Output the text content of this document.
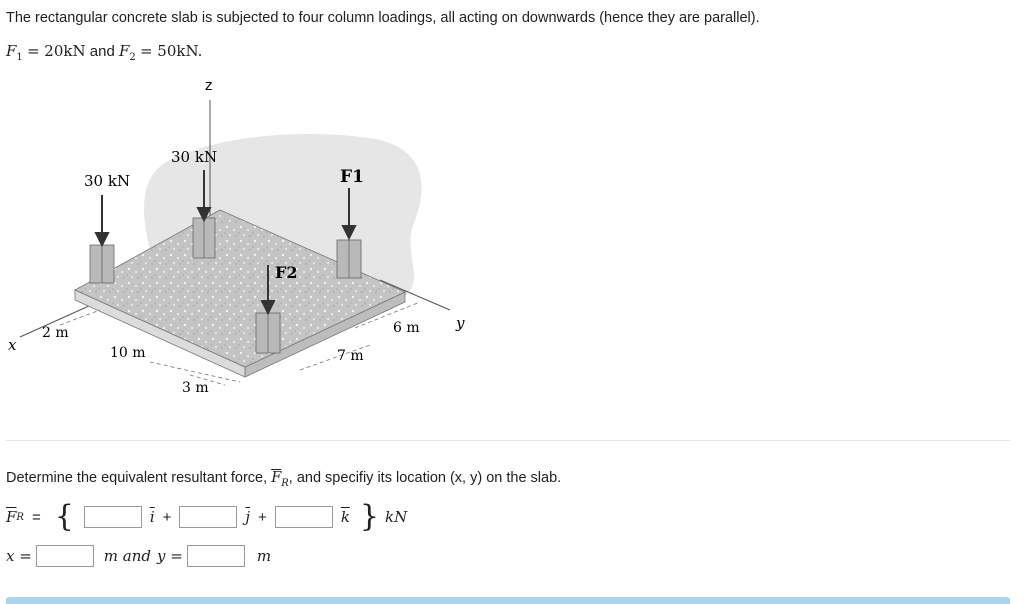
The rectangular concrete slab is subjected to four column loadings, all acting on downwards (hence they are parallel).
$F_1 = 20kN$ and $F_2 = 50kN$.
z
x
y
30 kN
30 kN
F1
F2
2 m
10 m
3 m
7 m
6 m
Determine the equivalent resultant force, $\overline{F}_R$, and specifiy its location (x, y) on the slab.
$\overline{F}$ R = {	$\overline{i}$ +	$\overline{j}$ +	$\overline{k}$ } kN
x =	m and y =	m
